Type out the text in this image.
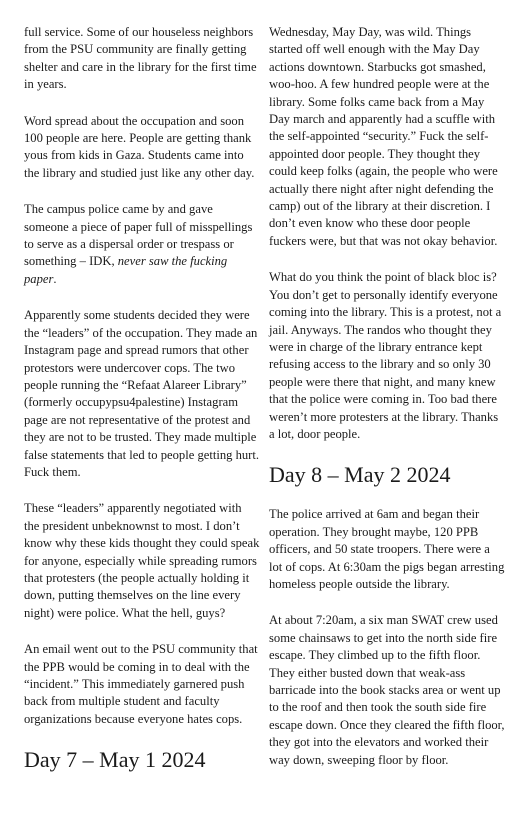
full service. Some of our houseless neighbors from the PSU community are finally getting shelter and care in the library for the first time in years.

Word spread about the occupation and soon 100 people are here. People are getting thank yous from kids in Gaza. Students came into the library and studied just like any other day.

The campus police came by and gave someone a piece of paper full of misspellings to serve as a dispersal order or trespass or something – IDK, never saw the fucking paper.

Apparently some students decided they were the “leaders” of the occupation. They made an Instagram page and spread rumors that other protestors were undercover cops. The two people running the “Refaat Alareer Library” (formerly occupypsu4palestine) Instagram page are not representative of the protest and they are not to be trusted. They made multiple false statements that led to people getting hurt. Fuck them.

These “leaders” apparently negotiated with the president unbeknownst to most. I don’t know why these kids thought they could speak for anyone, especially while spreading rumors that protesters (the people actually holding it down, putting themselves on the line every night) were police. What the hell, guys?

An email went out to the PSU community that the PPB would be coming in to deal with the “incident.” This immediately garnered push back from multiple student and faculty organizations because everyone hates cops.

Day 7 – May 1 2024

Wednesday, May Day, was wild. Things started off well enough with the May Day actions downtown. Starbucks got smashed, woo-hoo. A few hundred people were at the library. Some folks came back from a May Day march and apparently had a scuffle with the self-appointed “security.” Fuck the self-appointed door people. They thought they could keep folks (again, the people who were actually there night after night defending the camp) out of the library at their discretion. I don’t even know who these door people fuckers were, but that was not okay behavior.

What do you think the point of black bloc is? You don’t get to personally identify everyone coming into the library. This is a protest, not a jail. Anyways. The randos who thought they were in charge of the library entrance kept refusing access to the library and so only 30 people were there that night, and many knew that the police were coming in. Too bad there weren’t more protesters at the library. Thanks a lot, door people.

Day 8 – May 2 2024

The police arrived at 6am and began their operation. They brought maybe, 120 PPB officers, and 50 state troopers. There were a lot of cops. At 6:30am the pigs began arresting homeless people outside the library.

At about 7:20am, a six man SWAT crew used some chainsaws to get into the north side fire escape. They climbed up to the fifth floor. They either busted down that weak-ass barricade into the book stacks area or went up to the roof and then took the south side fire escape down. Once they cleared the fifth floor, they got into the elevators and worked their way down, sweeping floor by floor.
